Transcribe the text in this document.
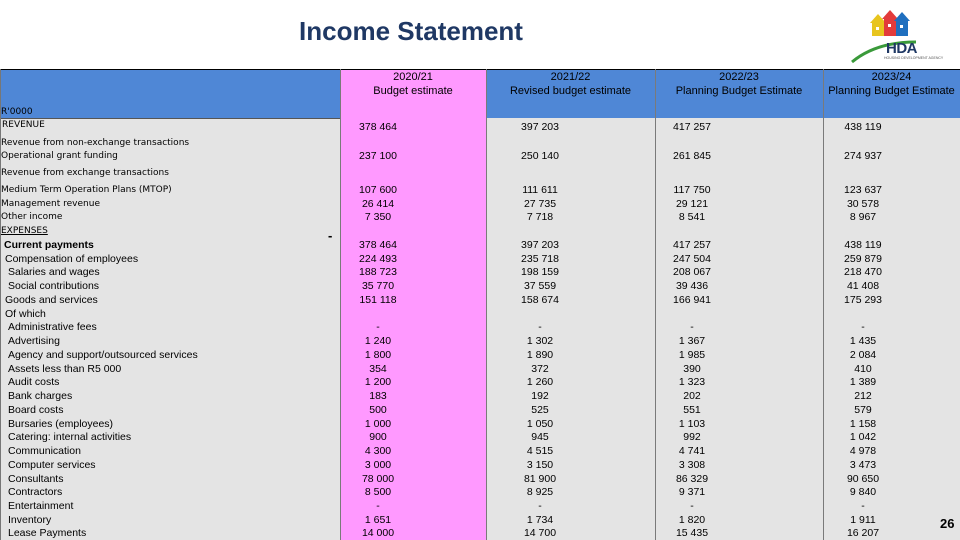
Income Statement
HDA
HOUSING DEVELOPMENT AGENCY
2020/21
Budget estimate
2021/22
Revised budget estimate
2022/23
Planning Budget Estimate
2023/24
Planning Budget Estimate
R'0000
-
REVENUE	378 464	397 203	417 257	438 119
Revenue from non-exchange transactions
Operational grant funding	237 100	250 140	261 845	274 937
Revenue from exchange transactions
Medium Term Operation Plans (MTOP)	107 600	111 611	117 750	123 637
Management revenue	26 414	27 735	29 121	30 578
Other income	7 350	7 718	8 541	8 967
EXPENSES
Current payments	378 464	397 203	417 257	438 119
Compensation of employees	224 493	235 718	247 504	259 879
Salaries and wages	188 723	198 159	208 067	218 470
Social contributions	35 770	37 559	39 436	41 408
Goods and services	151 118	158 674	166 941	175 293
Of which
Administrative fees	-	-	-	-
Advertising	1 240	1 302	1 367	1 435
Agency and support/outsourced services	1 800	1 890	1 985	2 084
Assets less than R5 000	354	372	390	410
Audit costs	1 200	1 260	1 323	1 389
Bank charges	183	192	202	212
Board costs	500	525	551	579
Bursaries (employees)	1 000	1 050	1 103	1 158
Catering: internal activities	900	945	992	1 042
Communication	4 300	4 515	4 741	4 978
Computer services	3 000	3 150	3 308	3 473
Consultants	78 000	81 900	86 329	90 650
Contractors	8 500	8 925	9 371	9 840
Entertainment	-	-	-	-
Inventory	1 651	1 734	1 820	1 911
Lease Payments	14 000	14 700	15 435	16 207
26
